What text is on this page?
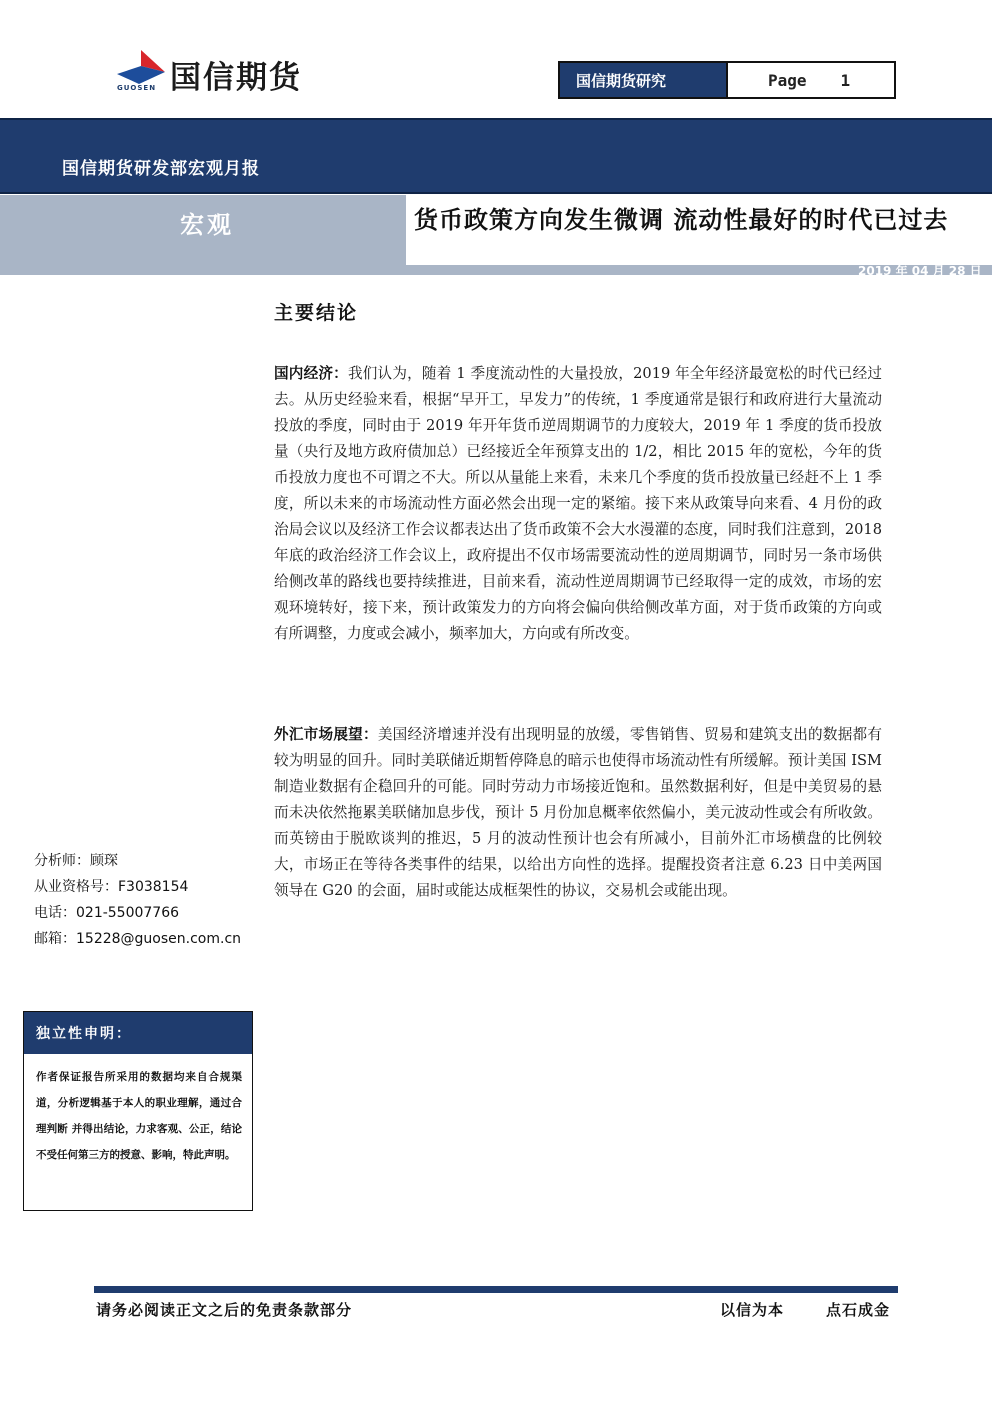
国信期货
GUOSEN	国信期货研究	Page 1
国信期货研发部宏观月报
宏观	货币政策方向发生微调 流动性最好的时代已过去
2019 年 04 月 28 日
主要结论
国内经济：我们认为，随着 1 季度流动性的大量投放，2019 年全年经济最宽松的时代已经过去。从历史经验来看，根据“早开工，早发力”的传统，1 季度通常是银行和政府进行大量流动投放的季度，同时由于 2019 年开年货币逆周期调节的力度较大，2019 年 1 季度的货币投放量（央行及地方政府债加总）已经接近全年预算支出的 1/2，相比 2015 年的宽松，今年的货币投放力度也不可谓之不大。所以从量能上来看，未来几个季度的货币投放量已经赶不上 1 季度，所以未来的市场流动性方面必然会出现一定的紧缩。接下来从政策导向来看、4 月份的政治局会议以及经济工作会议都表达出了货币政策不会大水漫灌的态度，同时我们注意到，2018 年底的政治经济工作会议上，政府提出不仅市场需要流动性的逆周期调节，同时另一条市场供给侧改革的路线也要持续推进，目前来看，流动性逆周期调节已经取得一定的成效，市场的宏观环境转好，接下来，预计政策发力的方向将会偏向供给侧改革方面，对于货币政策的方向或有所调整，力度或会减小，频率加大，方向或有所改变。
外汇市场展望：美国经济增速并没有出现明显的放缓，零售销售、贸易和建筑支出的数据都有较为明显的回升。同时美联储近期暂停降息的暗示也使得市场流动性有所缓解。预计美国 ISM 制造业数据有企稳回升的可能。同时劳动力市场接近饱和。虽然数据利好，但是中美贸易的悬而未决依然拖累美联储加息步伐，预计 5 月份加息概率依然偏小，美元波动性或会有所收敛。而英镑由于脱欧谈判的推迟，5 月的波动性预计也会有所减小，目前外汇市场横盘的比例较大，市场正在等待各类事件的结果，以给出方向性的选择。提醒投资者注意 6.23 日中美两国领导在 G20 的会面，届时或能达成框架性的协议，交易机会或能出现。
分析师：顾琛
从业资格号：F3038154
电话：021-55007766
邮箱：15228@guosen.com.cn
独立性申明：
作者保证报告所采用的数据均来自合规渠道，分析逻辑基于本人的职业理解，通过合理判断 并得出结论，力求客观、公正，结论不受任何第三方的授意、影响，特此声明。
请务必阅读正文之后的免责条款部分	以信为本	点石成金
